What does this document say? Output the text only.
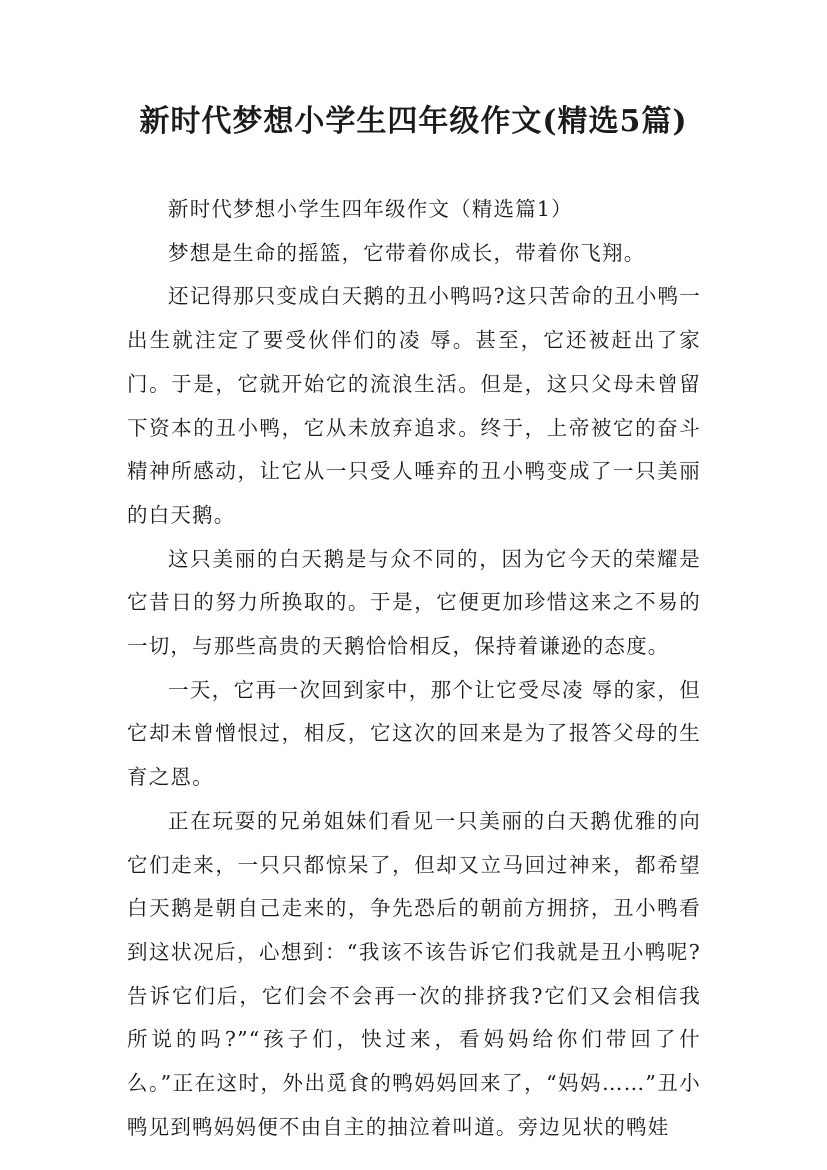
新时代梦想小学生四年级作文(精选5篇)

新时代梦想小学生四年级作文（精选篇1）

梦想是生命的摇篮，它带着你成长，带着你飞翔。

还记得那只变成白天鹅的丑小鸭吗?这只苦命的丑小鸭一出生就注定了要受伙伴们的凌 辱。甚至，它还被赶出了家门。于是，它就开始它的流浪生活。但是，这只父母未曾留下资本的丑小鸭，它从未放弃追求。终于，上帝被它的奋斗精神所感动，让它从一只受人唾弃的丑小鸭变成了一只美丽的白天鹅。

这只美丽的白天鹅是与众不同的，因为它今天的荣耀是它昔日的努力所换取的。于是，它便更加珍惜这来之不易的一切，与那些高贵的天鹅恰恰相反，保持着谦逊的态度。

一天，它再一次回到家中，那个让它受尽凌 辱的家，但它却未曾憎恨过，相反，它这次的回来是为了报答父母的生育之恩。

正在玩耍的兄弟姐妹们看见一只美丽的白天鹅优雅的向它们走来，一只只都惊呆了，但却又立马回过神来，都希望白天鹅是朝自己走来的，争先恐后的朝前方拥挤，丑小鸭看到这状况后，心想到：“我该不该告诉它们我就是丑小鸭呢?告诉它们后，它们会不会再一次的排挤我?它们又会相信我所说的吗?”“孩子们，快过来，看妈妈给你们带回了什么。”正在这时，外出觅食的鸭妈妈回来了，“妈妈……”丑小鸭见到鸭妈妈便不由自主的抽泣着叫道。旁边见状的鸭娃
